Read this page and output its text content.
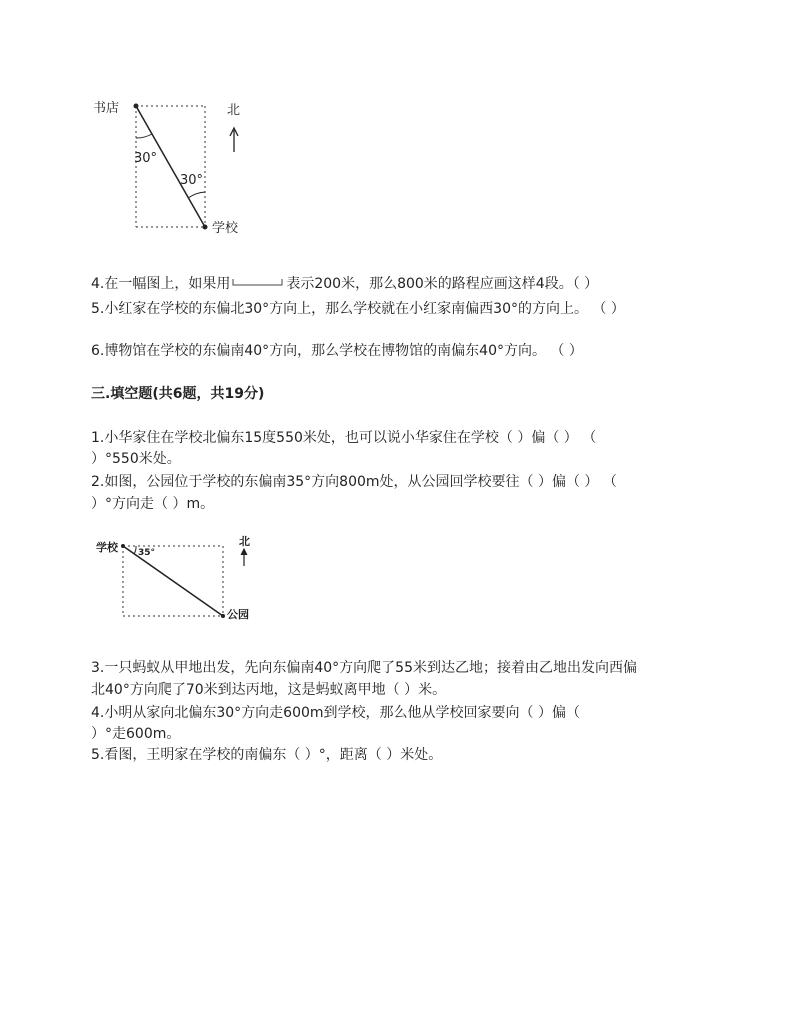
书店
30°
30°
学校
北
4.在一幅图上，如果用	表示200米，那么800米的路程应画这样4段。（ ）
5.小红家在学校的东偏北30°方向上，那么学校就在小红家南偏西30°的方向上。 （ ）
6.博物馆在学校的东偏南40°方向，那么学校在博物馆的南偏东40°方向。 （ ）
三.填空题(共6题，共19分)
1.小华家住在学校北偏东15度550米处，也可以说小华家住在学校（ ）偏（ ） （
）°550米处。
2.如图，公园位于学校的东偏南35°方向800m处，从公园回学校要往（ ）偏（ ） （
）°方向走（ ）m。
学校 35°
公园
北
3.一只蚂蚁从甲地出发，先向东偏南40°方向爬了55米到达乙地；接着由乙地出发向西偏
北40°方向爬了70米到达丙地，这是蚂蚁离甲地（ ）米。
4.小明从家向北偏东30°方向走600m到学校，那么他从学校回家要向（ ）偏（
）°走600m。
5.看图，王明家在学校的南偏东（ ）°，距离（ ）米处。
